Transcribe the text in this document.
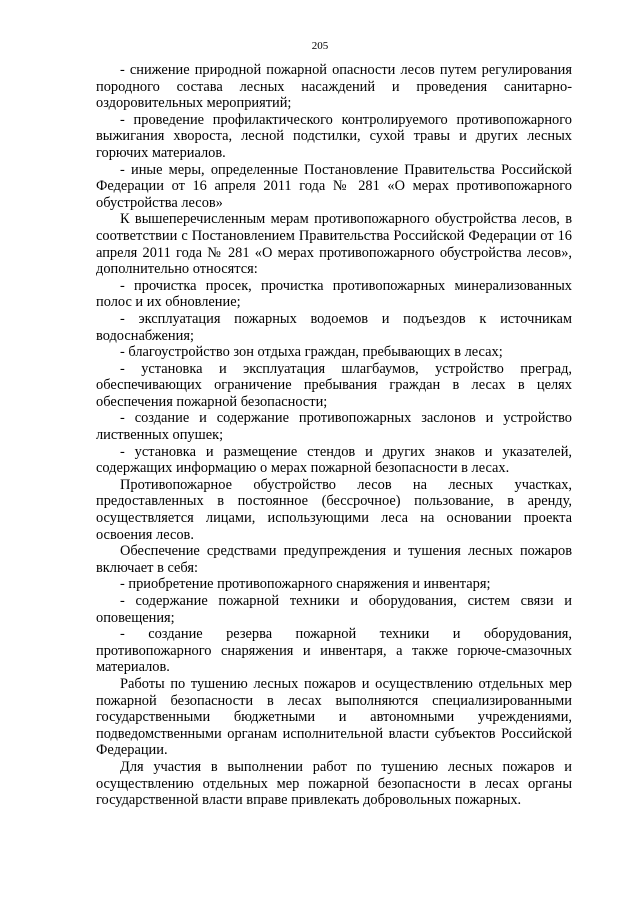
205

- снижение природной пожарной опасности лесов путем регулирования породного состава лесных насаждений и проведения санитарно-оздоровительных мероприятий;

- проведение профилактического контролируемого противопожарного выжигания хвороста, лесной подстилки, сухой травы и других лесных горючих материалов.

- иные меры, определенные Постановление Правительства Российской Федерации от 16 апреля 2011 года № 281 «О мерах противопожарного обустройства лесов»

К вышеперечисленным мерам противопожарного обустройства лесов, в соответствии с Постановлением Правительства Российской Федерации от 16 апреля 2011 года № 281 «О мерах противопожарного обустройства лесов», дополнительно относятся:

- прочистка просек, прочистка противопожарных минерализованных полос и их обновление;

- эксплуатация пожарных водоемов и подъездов к источникам водоснабжения;

- благоустройство зон отдыха граждан, пребывающих в лесах;

- установка и эксплуатация шлагбаумов, устройство преград, обеспечивающих ограничение пребывания граждан в лесах в целях обеспечения пожарной безопасности;

- создание и содержание противопожарных заслонов и устройство лиственных опушек;

- установка и размещение стендов и других знаков и указателей, содержащих информацию о мерах пожарной безопасности в лесах.

Противопожарное обустройство лесов на лесных участках, предоставленных в постоянное (бессрочное) пользование, в аренду, осуществляется лицами, использующими леса на основании проекта освоения лесов.

Обеспечение средствами предупреждения и тушения лесных пожаров включает в себя:

- приобретение противопожарного снаряжения и инвентаря;

- содержание пожарной техники и оборудования, систем связи и оповещения;

- создание резерва пожарной техники и оборудования, противопожарного снаряжения и инвентаря, а также горюче-смазочных материалов.

Работы по тушению лесных пожаров и осуществлению отдельных мер пожарной безопасности в лесах выполняются специализированными государственными бюджетными и автономными учреждениями, подведомственными органам исполнительной власти субъектов Российской Федерации.

Для участия в выполнении работ по тушению лесных пожаров и осуществлению отдельных мер пожарной безопасности в лесах органы государственной власти вправе привлекать добровольных пожарных.
